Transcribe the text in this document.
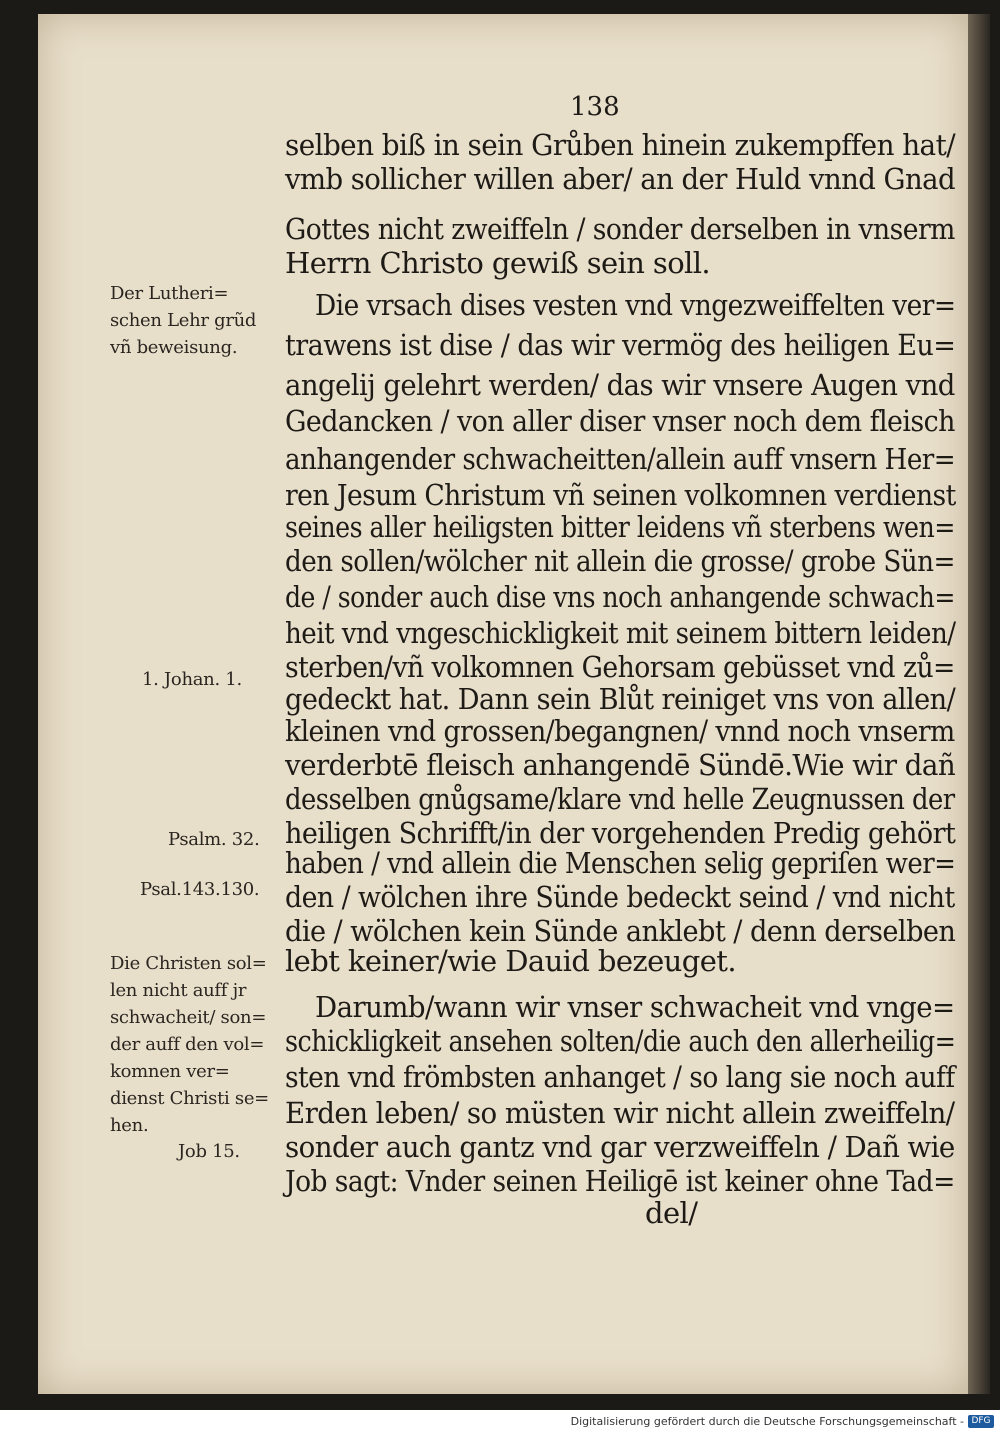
138
selben biß in sein Grůben hinein zukempffen hat/
vmb sollicher willen aber/ an der Huld vnnd Gnad
Gottes nicht zweiffeln / sonder derselben in vnserm
Herrn Christo gewiß sein soll.
Die vrsach dises vesten vnd vngezweiffelten ver=
trawens ist dise / das wir vermög des heiligen Eu=
angelij gelehrt werden/ das wir vnsere Augen vnd
Gedancken / von aller diser vnser noch dem fleisch
anhangender schwacheitten/allein auff vnsern Her=
ren Jesum Christum vñ seinen volkomnen verdienst
seines aller heiligsten bitter leidens vñ sterbens wen=
den sollen/wölcher nit allein die grosse/ grobe Sün=
de / sonder auch dise vns noch anhangende schwach=
heit vnd vngeschickligkeit mit seinem bittern leiden/
sterben/vñ volkomnen Gehorsam gebüsset vnd zů=
gedeckt hat. Dann sein Blůt reiniget vns von allen/
kleinen vnd grossen/begangnen/ vnnd noch vnserm
verderbtē fleisch anhangendē Sündē.Wie wir dañ
desselben gnůgsame/klare vnd helle Zeugnussen der
heiligen Schrifft/in der vorgehenden Predig gehört
haben / vnd allein die Menschen selig gepriſen wer=
den / wölchen ihre Sünde bedeckt seind / vnd nicht
die / wölchen kein Sünde anklebt / denn derselben
lebt keiner/wie Dauid bezeuget.
Darumb/wann wir vnser schwacheit vnd vnge=
schickligkeit ansehen solten/die auch den allerheilig=
sten vnd frömbsten anhanget / so lang sie noch auff
Erden leben/ so müsten wir nicht allein zweiffeln/
sonder auch gantz vnd gar verzweiffeln / Dañ wie
Job sagt: Vnder seinen Heiligē ist keiner ohne Tad=
del/
Der Lutheri=
schen Lehr grũd
vñ beweisung.
1. Johan. 1.
Psalm. 32.
Psal.143.130.
Die Christen sol=
len nicht auff jr
schwacheit/ son=
der auff den vol=
komnen ver=
dienst Christi se=
hen.
Job 15.
Digitalisierung gefördert durch die Deutsche Forschungsgemeinschaft - DFG
